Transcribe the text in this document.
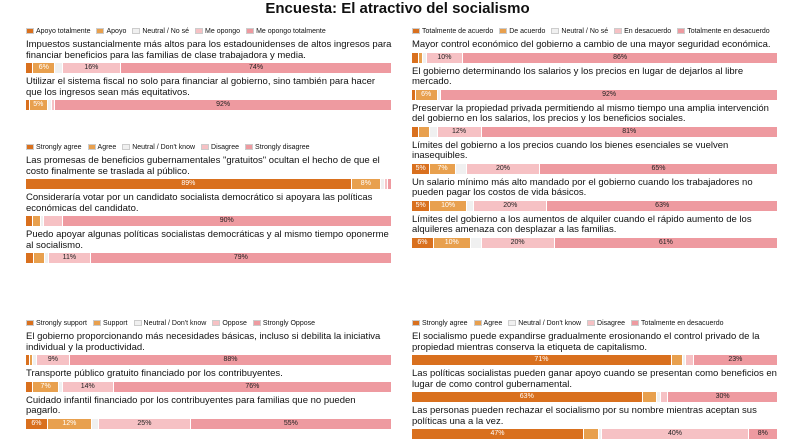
Encuesta: El atractivo del socialismo
Apoyo totalmente Apoyo Neutral / No sé Me opongo Me opongo totalmente

Impuestos sustancialmente más altos para los estadounidenses de altos ingresos para financiar beneficios para las familias de clase trabajadora y media.

6%	16%	74%

Utilizar el sistema fiscal no solo para financiar al gobierno, sino también para hacer que los ingresos sean más equitativos.

5%	92%
Strongly agree Agree Neutral / Don't know Disagree Strongly disagree

Las promesas de beneficios gubernamentales "gratuitos" ocultan el hecho de que el costo finalmente se traslada al público.

89%	8%

Consideraría votar por un candidato socialista democrático si apoyara las políticas económicas del candidato.

90%

Puedo apoyar algunas políticas socialistas democráticas y al mismo tiempo oponerme al socialismo.

11%	79%
Strongly support Support Neutral / Don't know Oppose Strongly Oppose

El gobierno proporcionando más necesidades básicas, incluso si debilita la iniciativa individual y la productividad.

9%	88%

Transporte público gratuito financiado por los contribuyentes.

7%	14%	76%

Cuidado infantil financiado por los contribuyentes para familias que no pueden pagarlo.

6%	12%	25%	55%
Totalmente de acuerdo De acuerdo Neutral / No sé En desacuerdo Totalmente en desacuerdo

Mayor control económico del gobierno a cambio de una mayor seguridad económica.

10%	86%

El gobierno determinando los salarios y los precios en lugar de dejarlos al libre mercado.

6%	92%

Preservar la propiedad privada permitiendo al mismo tiempo una amplia intervención del gobierno en los salarios, los precios y los beneficios sociales.

12%	81%

Límites del gobierno a los precios cuando los bienes esenciales se vuelven inasequibles.

5%	7%	20%	65%

Un salario mínimo más alto mandado por el gobierno cuando los trabajadores no pueden pagar los costos de vida básicos.

5%	10%	20%	63%

Límites del gobierno a los aumentos de alquiler cuando el rápido aumento de los alquileres amenaza con desplazar a las familias.

6%	10%	20%	61%
Strongly agree Agree Neutral / Don't know Disagree Totalmente en desacuerdo

El socialismo puede expandirse gradualmente erosionando el control privado de la propiedad mientras conserva la etiqueta de capitalismo.

71%	23%

Las políticas socialistas pueden ganar apoyo cuando se presentan como beneficios en lugar de como control gubernamental.

63%	30%

Las personas pueden rechazar el socialismo por su nombre mientras aceptan sus políticas una a la vez.

47%	40%	8%
